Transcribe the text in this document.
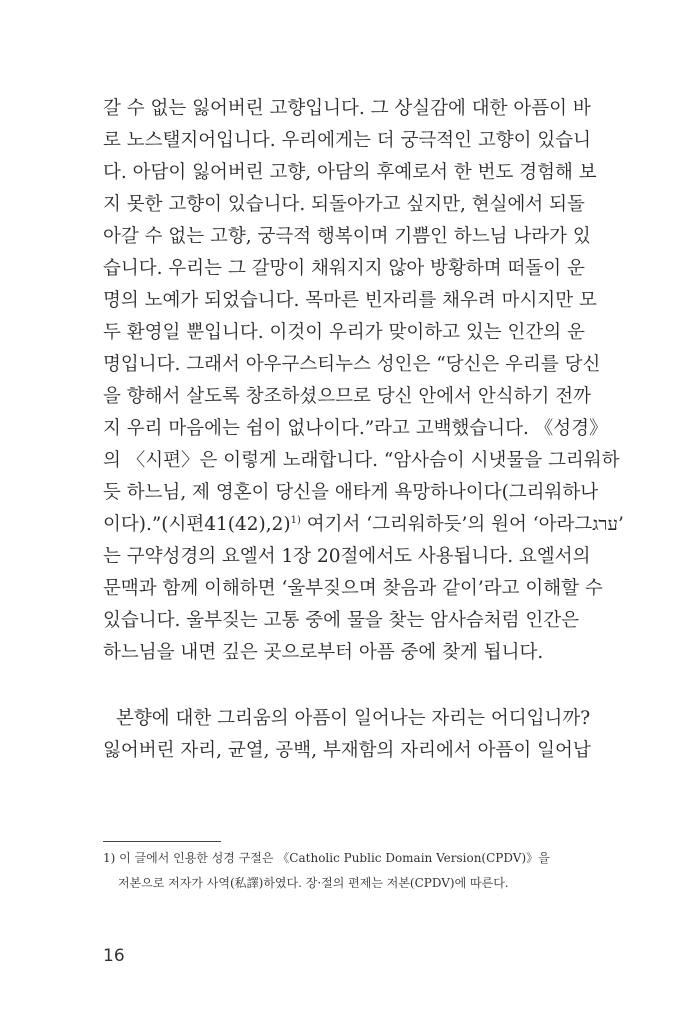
갈 수 없는 잃어버린 고향입니다. 그 상실감에 대한 아픔이 바
로 노스탤지어입니다. 우리에게는 더 궁극적인 고향이 있습니
다. 아담이 잃어버린 고향, 아담의 후예로서 한 번도 경험해 보
지 못한 고향이 있습니다. 되돌아가고 싶지만, 현실에서 되돌
아갈 수 없는 고향, 궁극적 행복이며 기쁨인 하느님 나라가 있
습니다. 우리는 그 갈망이 채워지지 않아 방황하며 떠돌이 운
명의 노예가 되었습니다. 목마른 빈자리를 채우려 마시지만 모
두 환영일 뿐입니다. 이것이 우리가 맞이하고 있는 인간의 운
명입니다. 그래서 아우구스티누스 성인은 “당신은 우리를 당신
을 향해서 살도록 창조하셨으므로 당신 안에서 안식하기 전까
지 우리 마음에는 쉼이 없나이다.”라고 고백했습니다. 《성경》
의 〈시편〉은 이렇게 노래합니다. “암사슴이 시냇물을 그리워하
듯 하느님, 제 영혼이 당신을 애타게 욕망하나이다(그리워하나
이다).”(시편41(42),2)$^{1)}$ 여기서 ‘그리워하듯’의 원어 ‘아라그ערג’
는 구약성경의 요엘서 1장 20절에서도 사용됩니다. 요엘서의
문맥과 함께 이해하면 ‘울부짖으며 찾음과 같이’라고 이해할 수
있습니다. 울부짖는 고통 중에 물을 찾는 암사슴처럼 인간은
하느님을 내면 깊은 곳으로부터 아픔 중에 찾게 됩니다.
본향에 대한 그리움의 아픔이 일어나는 자리는 어디입니까?
잃어버린 자리, 균열, 공백, 부재함의 자리에서 아픔이 일어납
1) 이 글에서 인용한 성경 구절은 《Catholic Public Domain Version(CPDV)》을
저본으로 저자가 사역(私譯)하였다. 장·절의 편제는 저본(CPDV)에 따른다.
16
